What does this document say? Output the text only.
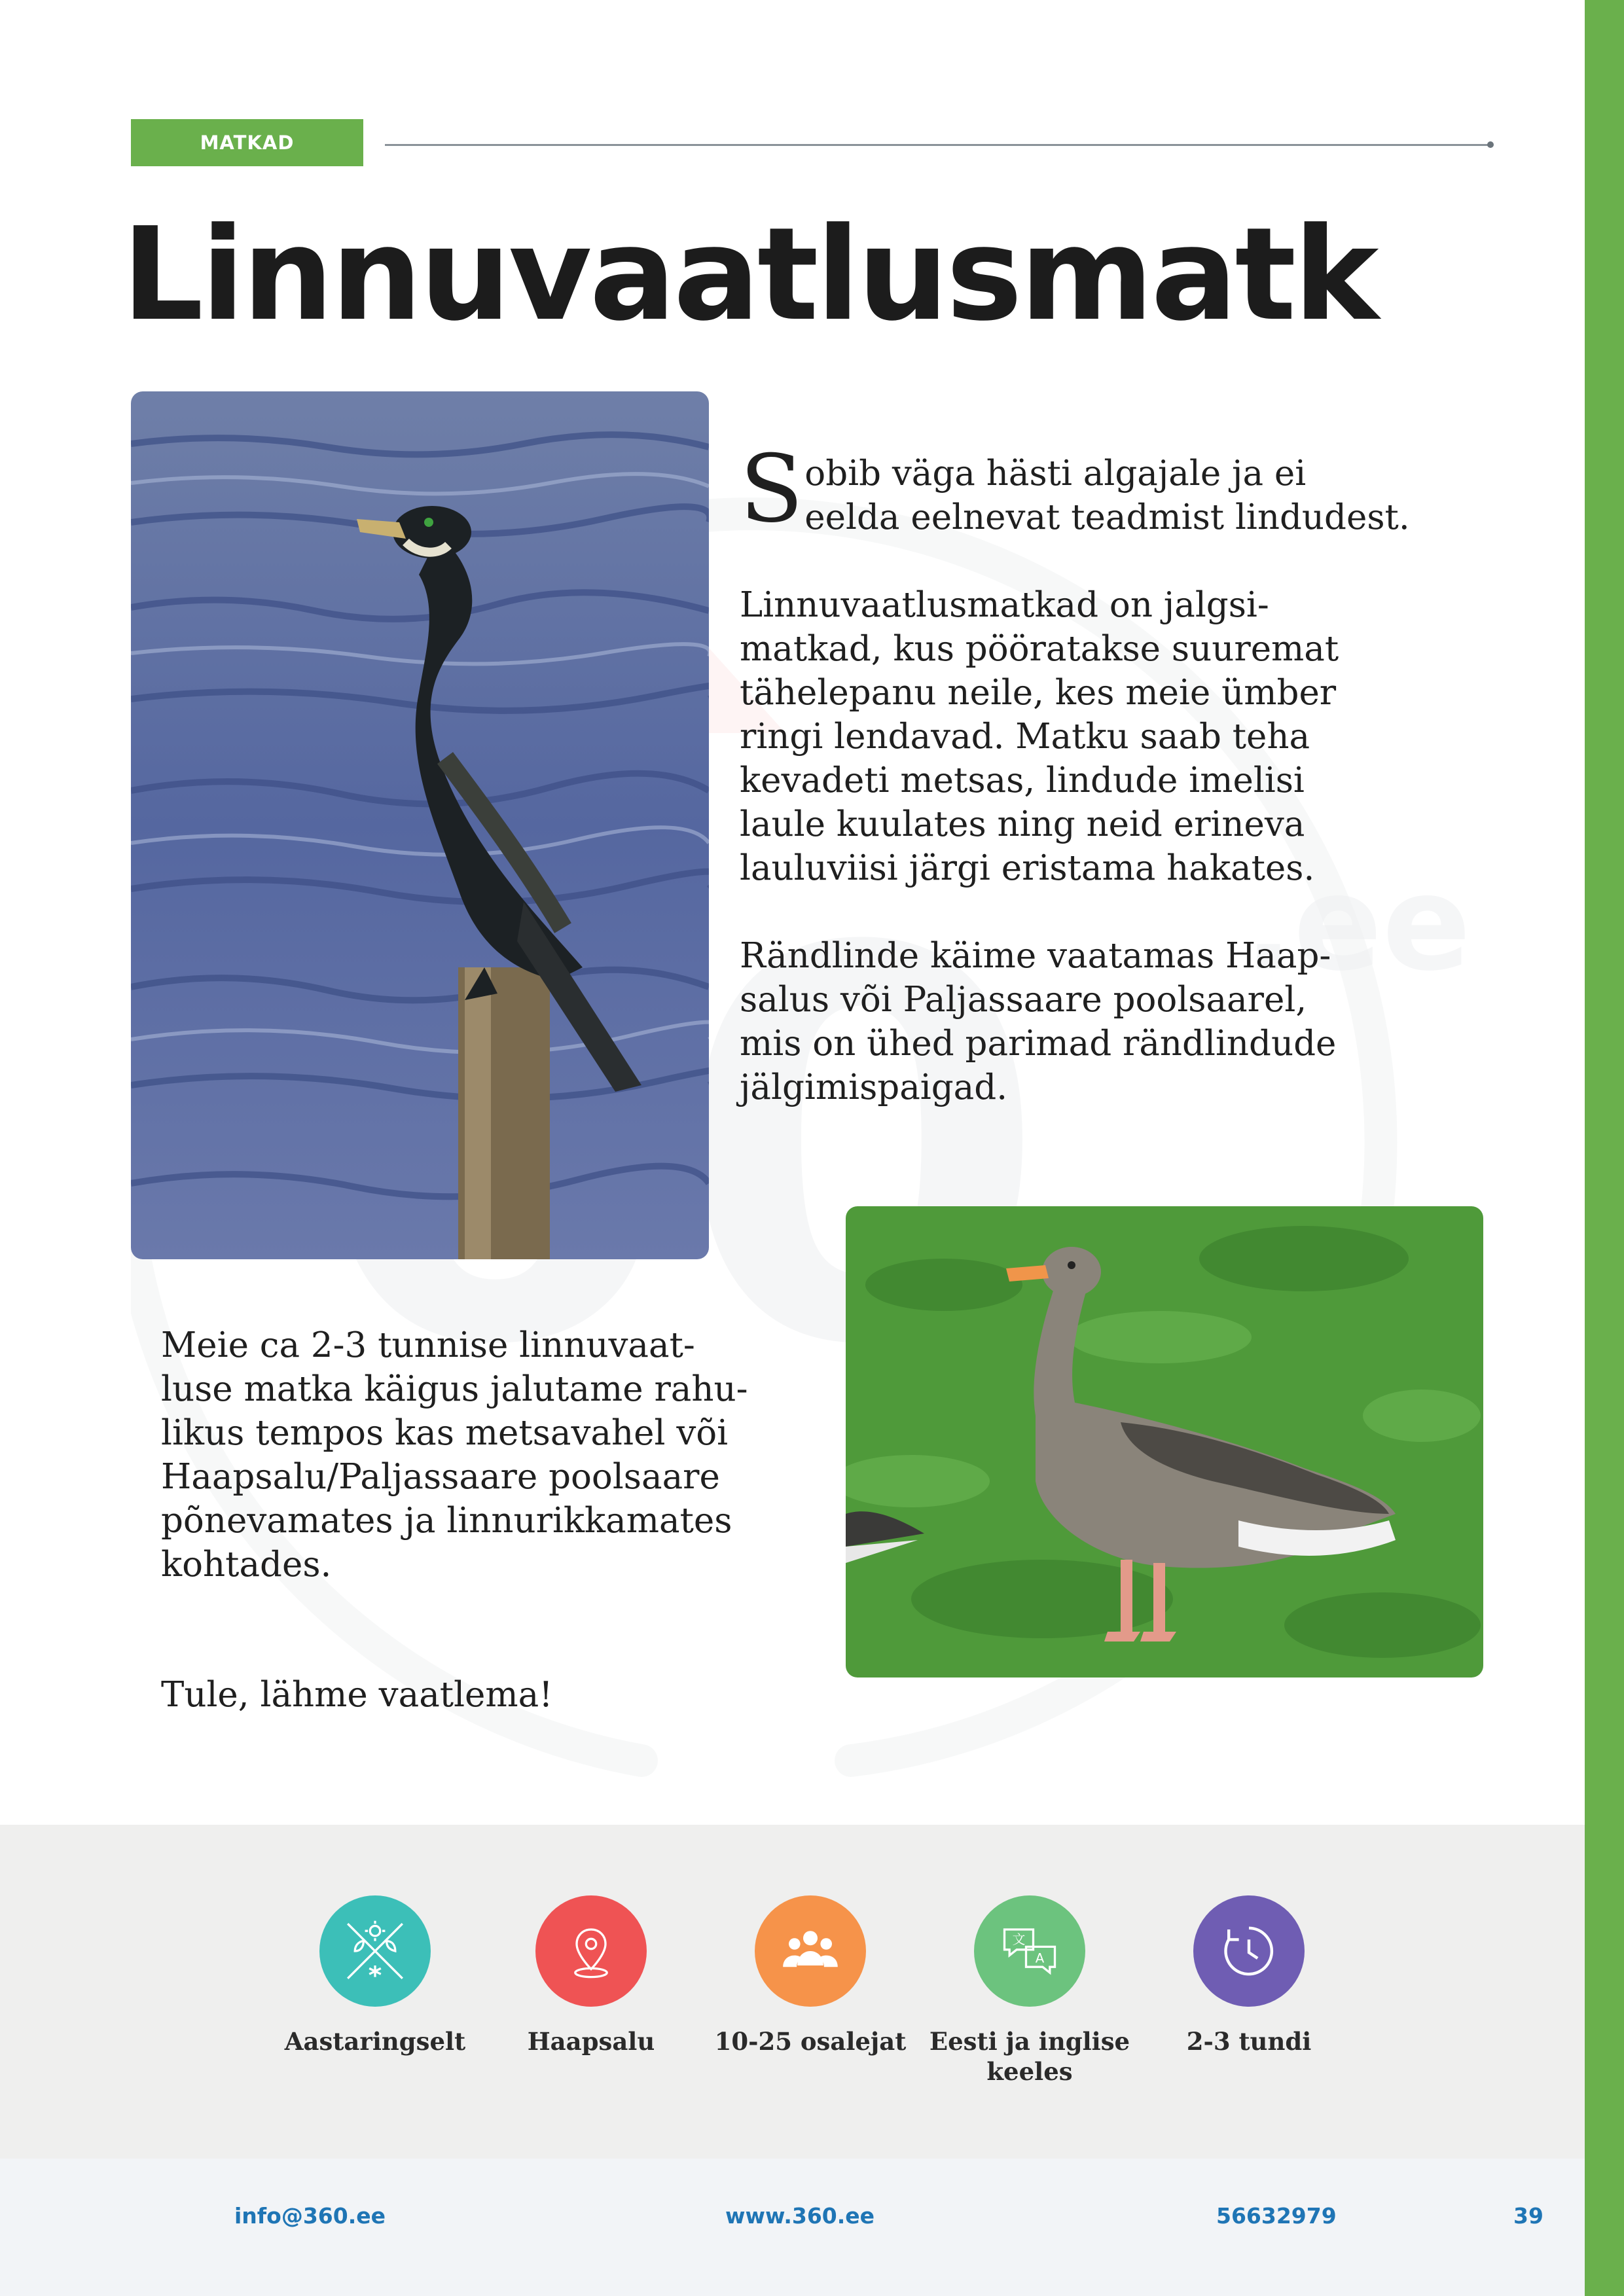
MATKAD
Linnuvaatlusmatk

Sobib väga hästi algajale ja ei
eelda eelnevat teadmist lindudest.

Linnuvaatlusmatkad on jalgsi-
matkad, kus pööratakse suuremat
tähelepanu neile, kes meie ümber
ringi lendavad. Matku saab teha
kevadeti metsas, lindude imelisi
laule kuulates ning neid erineva
lauluviisi järgi eristama hakates.

Rändlinde käime vaatamas Haap-
salus või Paljassaare poolsaarel,
mis on ühed parimad rändlindude
jälgimispaigad.

Meie ca 2-3 tunnise linnuvaat-
luse matka käigus jalutame rahu-
likus tempos kas metsavahel või
Haapsalu/Paljassaare poolsaare
põnevamates ja linnurikkamates
kohtades.

Tule, lähme vaatlema!
Aastaringselt	Haapsalu	10-25 osalejat
文
A
Eesti ja inglise
keeles
2-3 tundi
info@360.ee	www.360.ee	56632979	39
